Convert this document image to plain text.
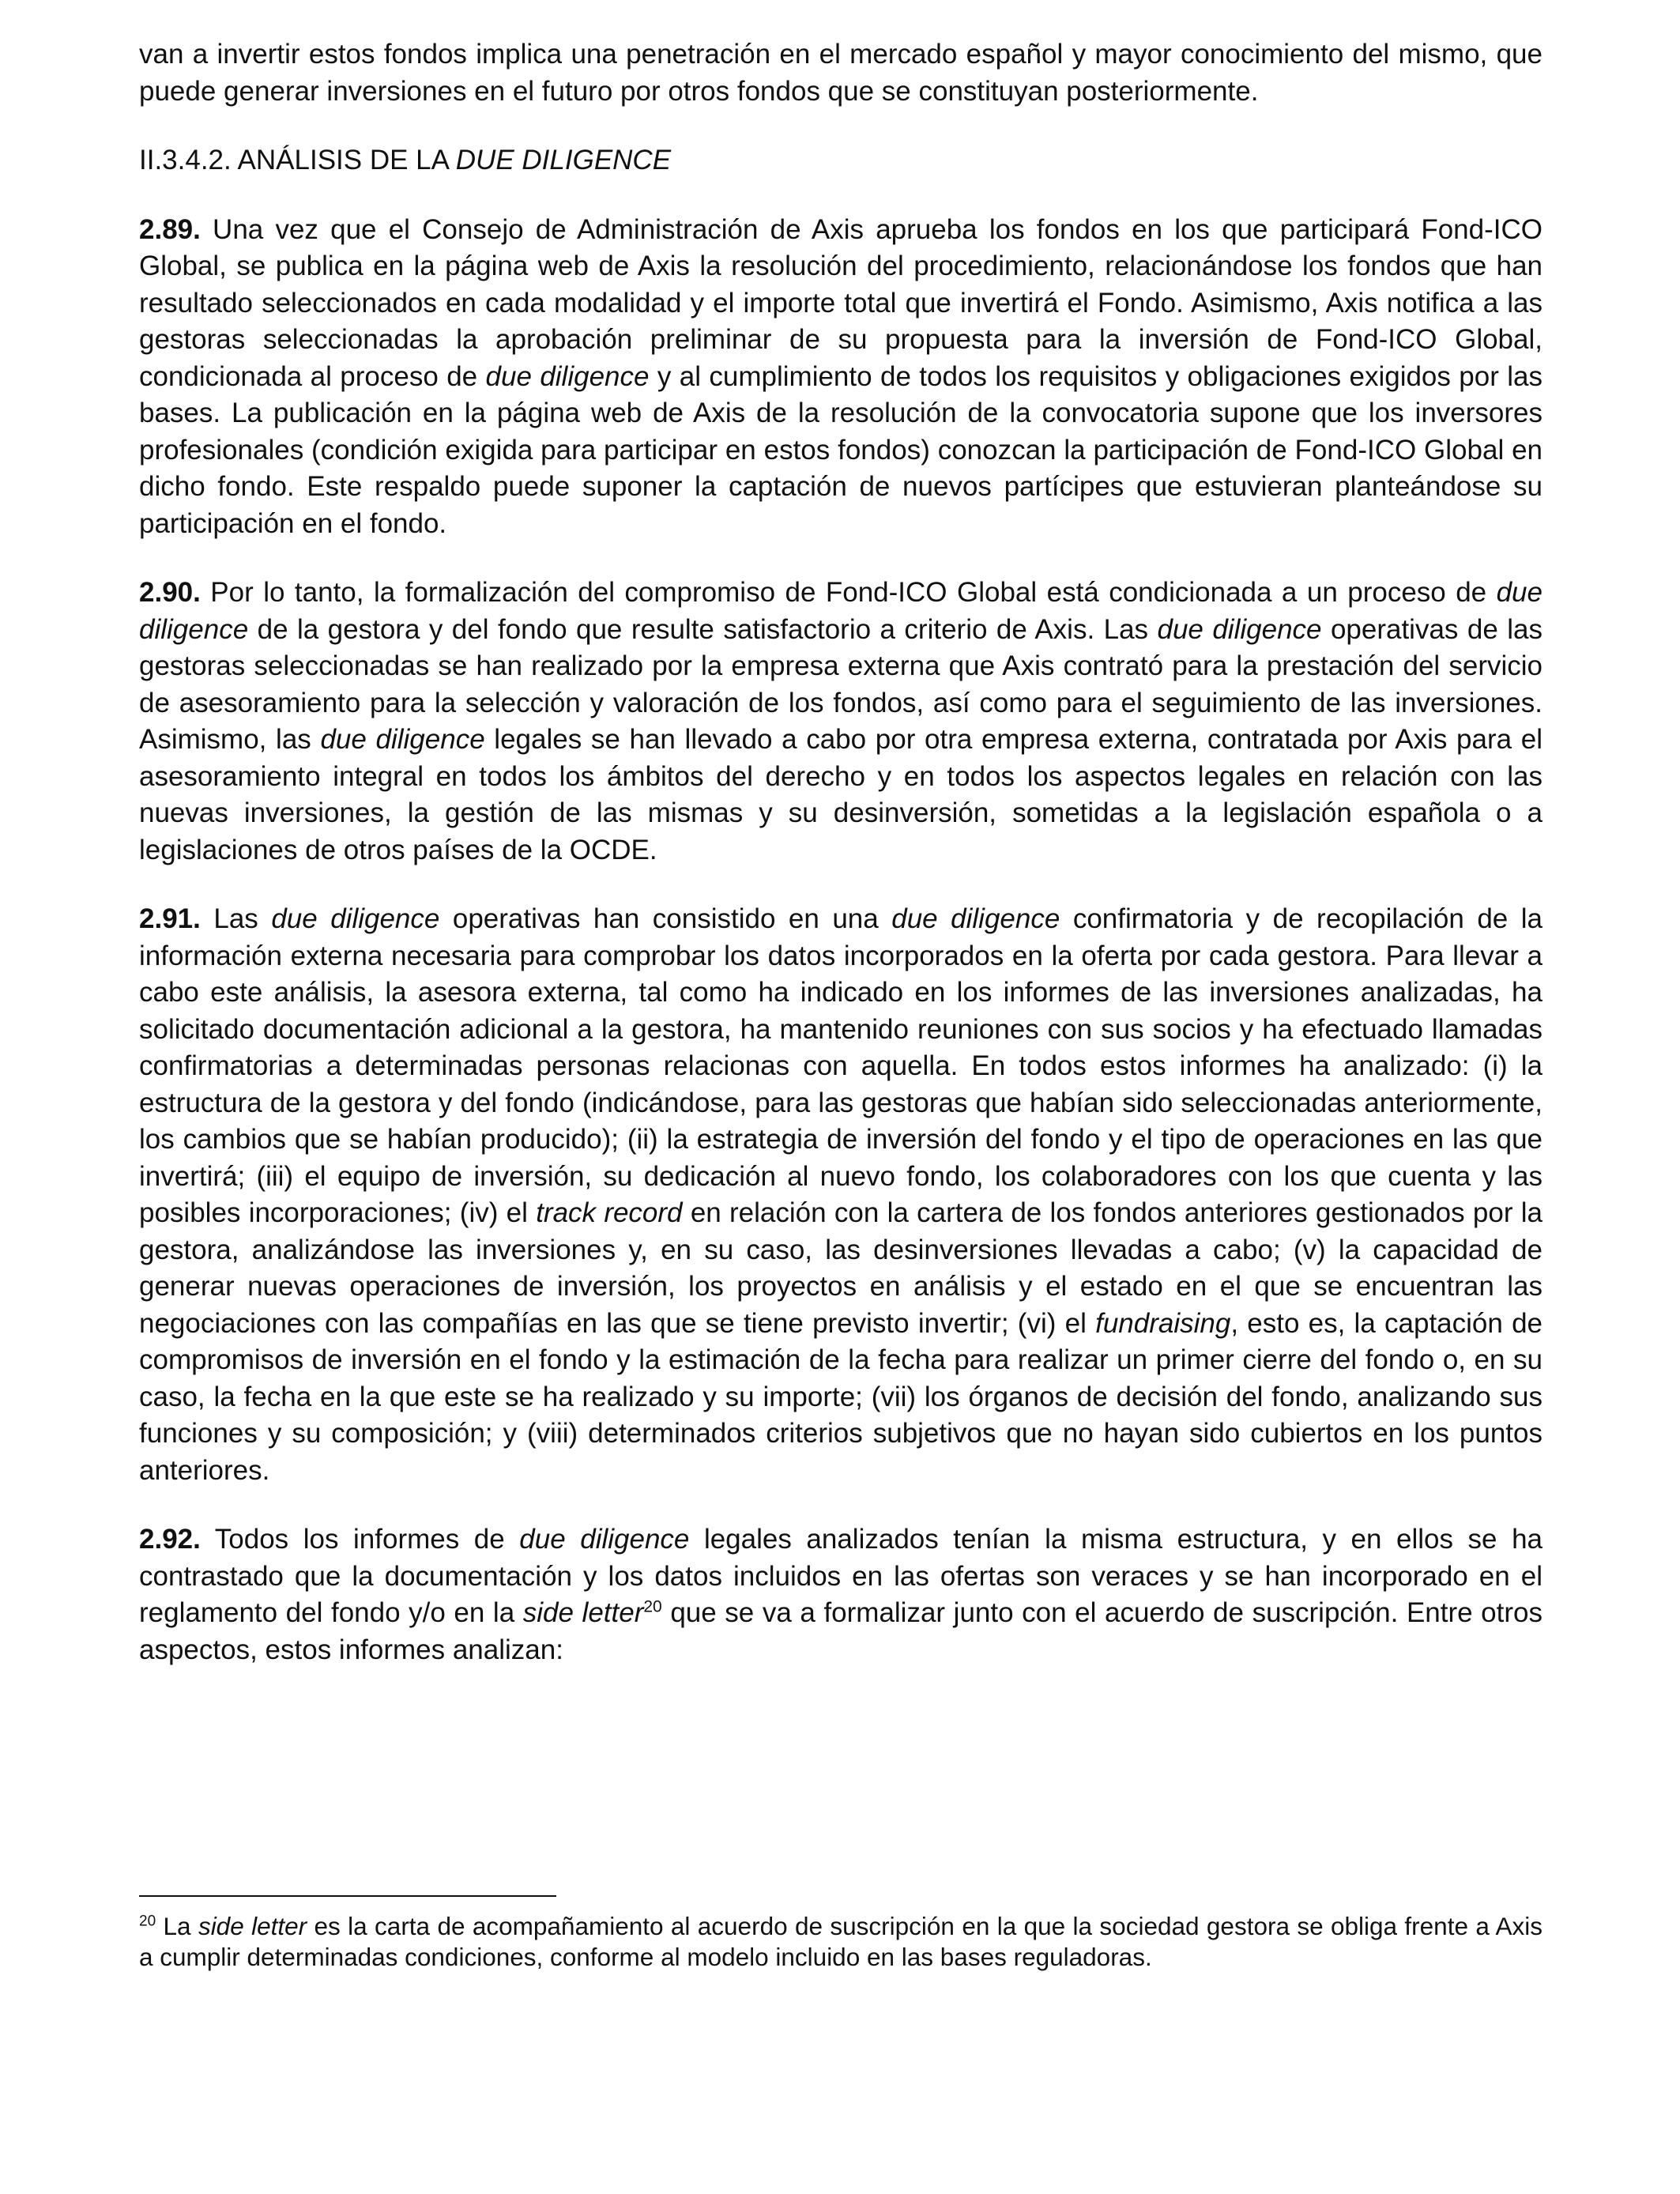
van a invertir estos fondos implica una penetración en el mercado español y mayor conocimiento del mismo, que puede generar inversiones en el futuro por otros fondos que se constituyan posteriormente.

II.3.4.2. ANÁLISIS DE LA DUE DILIGENCE

2.89. Una vez que el Consejo de Administración de Axis aprueba los fondos en los que participará Fond-ICO Global, se publica en la página web de Axis la resolución del procedimiento, relacionándose los fondos que han resultado seleccionados en cada modalidad y el importe total que invertirá el Fondo. Asimismo, Axis notifica a las gestoras seleccionadas la aprobación preliminar de su propuesta para la inversión de Fond-ICO Global, condicionada al proceso de due diligence y al cumplimiento de todos los requisitos y obligaciones exigidos por las bases. La publicación en la página web de Axis de la resolución de la convocatoria supone que los inversores profesionales (condición exigida para participar en estos fondos) conozcan la participación de Fond-ICO Global en dicho fondo. Este respaldo puede suponer la captación de nuevos partícipes que estuvieran planteándose su participación en el fondo.

2.90. Por lo tanto, la formalización del compromiso de Fond-ICO Global está condicionada a un proceso de due diligence de la gestora y del fondo que resulte satisfactorio a criterio de Axis. Las due diligence operativas de las gestoras seleccionadas se han realizado por la empresa externa que Axis contrató para la prestación del servicio de asesoramiento para la selección y valoración de los fondos, así como para el seguimiento de las inversiones. Asimismo, las due diligence legales se han llevado a cabo por otra empresa externa, contratada por Axis para el asesoramiento integral en todos los ámbitos del derecho y en todos los aspectos legales en relación con las nuevas inversiones, la gestión de las mismas y su desinversión, sometidas a la legislación española o a legislaciones de otros países de la OCDE.

2.91. Las due diligence operativas han consistido en una due diligence confirmatoria y de recopilación de la información externa necesaria para comprobar los datos incorporados en la oferta por cada gestora. Para llevar a cabo este análisis, la asesora externa, tal como ha indicado en los informes de las inversiones analizadas, ha solicitado documentación adicional a la gestora, ha mantenido reuniones con sus socios y ha efectuado llamadas confirmatorias a determinadas personas relacionas con aquella. En todos estos informes ha analizado: (i) la estructura de la gestora y del fondo (indicándose, para las gestoras que habían sido seleccionadas anteriormente, los cambios que se habían producido); (ii) la estrategia de inversión del fondo y el tipo de operaciones en las que invertirá; (iii) el equipo de inversión, su dedicación al nuevo fondo, los colaboradores con los que cuenta y las posibles incorporaciones; (iv) el track record en relación con la cartera de los fondos anteriores gestionados por la gestora, analizándose las inversiones y, en su caso, las desinversiones llevadas a cabo; (v) la capacidad de generar nuevas operaciones de inversión, los proyectos en análisis y el estado en el que se encuentran las negociaciones con las compañías en las que se tiene previsto invertir; (vi) el fundraising, esto es, la captación de compromisos de inversión en el fondo y la estimación de la fecha para realizar un primer cierre del fondo o, en su caso, la fecha en la que este se ha realizado y su importe; (vii) los órganos de decisión del fondo, analizando sus funciones y su composición; y (viii) determinados criterios subjetivos que no hayan sido cubiertos en los puntos anteriores.

2.92. Todos los informes de due diligence legales analizados tenían la misma estructura, y en ellos se ha contrastado que la documentación y los datos incluidos en las ofertas son veraces y se han incorporado en el reglamento del fondo y/o en la side letter$^{20}$ que se va a formalizar junto con el acuerdo de suscripción. Entre otros aspectos, estos informes analizan:

$^{20}$ La side letter es la carta de acompañamiento al acuerdo de suscripción en la que la sociedad gestora se obliga frente a Axis a cumplir determinadas condiciones, conforme al modelo incluido en las bases reguladoras.
